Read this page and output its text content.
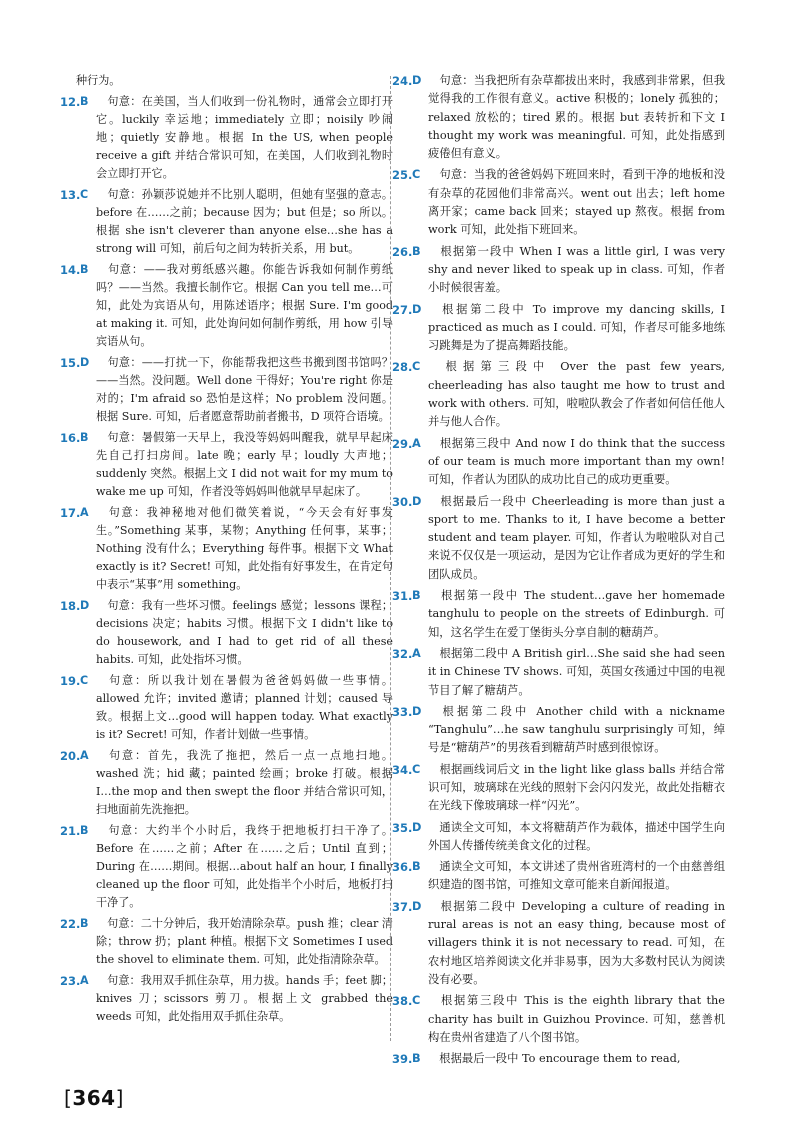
种行为。
12. B
  句意：在美国，当人们收到一份礼物时，通常会立即打开它。luckily 幸运地；immediately 立即；noisily 吵闹地；quietly 安静地。根据 In the US, when people receive a gift 并结合常识可知，在美国，人们收到礼物时会立即打开它。
13. C
  句意：孙颖莎说她并不比别人聪明，但她有坚强的意志。before 在……之前；because 因为；but 但是；so 所以。根据 she isn't cleverer than anyone else…she has a strong will 可知，前后句之间为转折关系，用 but。
14. B
  句意：——我对剪纸感兴趣。你能告诉我如何制作剪纸吗？——当然。我擅长制作它。根据 Can you tell me…可知，此处为宾语从句，用陈述语序；根据 Sure. I'm good at making it. 可知，此处询问如何制作剪纸，用 how 引导宾语从句。
15. D
  句意：——打扰一下，你能帮我把这些书搬到图书馆吗？——当然。没问题。Well done 干得好；You're right 你是对的；I'm afraid so 恐怕是这样；No problem 没问题。根据 Sure. 可知，后者愿意帮助前者搬书，D 项符合语境。
16. B
  句意：暑假第一天早上，我没等妈妈叫醒我，就早早起床先自己打扫房间。late 晚；early 早；loudly 大声地；suddenly 突然。根据上文 I did not wait for my mum to wake me up 可知，作者没等妈妈叫他就早早起床了。
17. A
  句意：我神秘地对他们微笑着说，“今天会有好事发生。”Something 某事，某物；Anything 任何事，某事；Nothing 没有什么；Everything 每件事。根据下文 What exactly is it? Secret! 可知，此处指有好事发生，在肯定句中表示“某事”用 something。
18. D
  句意：我有一些坏习惯。feelings 感觉；lessons 课程；decisions 决定；habits 习惯。根据下文 I didn't like to do housework, and I had to get rid of all these habits. 可知，此处指坏习惯。
19. C
  句意：所以我计划在暑假为爸爸妈妈做一些事情。allowed 允许；invited 邀请；planned 计划；caused 导致。根据上文…good will happen today. What exactly is it? Secret! 可知，作者计划做一些事情。
20. A
  句意：首先，我洗了拖把，然后一点一点地扫地。washed 洗；hid 藏；painted 绘画；broke 打破。根据 I…the mop and then swept the floor 并结合常识可知，扫地面前先洗拖把。
21. B
  句意：大约半个小时后，我终于把地板打扫干净了。Before 在……之前；After 在……之后；Until 直到；During 在……期间。根据…about half an hour, I finally cleaned up the floor 可知，此处指半个小时后，地板打扫干净了。
22. B
  句意：二十分钟后，我开始清除杂草。push 推；clear 清除；throw 扔；plant 种植。根据下文 Sometimes I used the shovel to eliminate them. 可知，此处指清除杂草。
23. A
  句意：我用双手抓住杂草，用力拔。hands 手；feet 脚；knives 刀；scissors 剪刀。根据上文 grabbed the weeds 可知，此处指用双手抓住杂草。
24. D
  句意：当我把所有杂草都拔出来时，我感到非常累，但我觉得我的工作很有意义。active 积极的；lonely 孤独的；relaxed 放松的；tired 累的。根据 but 表转折和下文 I thought my work was meaningful. 可知，此处指感到疲倦但有意义。
25. C
  句意：当我的爸爸妈妈下班回来时，看到干净的地板和没有杂草的花园他们非常高兴。went out 出去；left home 离开家；came back 回来；stayed up 熬夜。根据 from work 可知，此处指下班回来。
26. B
  根据第一段中 When I was a little girl, I was very shy and never liked to speak up in class. 可知，作者小时候很害羞。
27. D
  根据第二段中 To improve my dancing skills, I practiced as much as I could. 可知，作者尽可能多地练习跳舞是为了提高舞蹈技能。
28. C
  根据第三段中 Over the past few years, cheerleading has also taught me how to trust and work with others. 可知，啦啦队教会了作者如何信任他人并与他人合作。
29. A
  根据第三段中 And now I do think that the success of our team is much more important than my own! 可知，作者认为团队的成功比自己的成功更重要。
30. D
  根据最后一段中 Cheerleading is more than just a sport to me. Thanks to it, I have become a better student and team player. 可知，作者认为啦啦队对自己来说不仅仅是一项运动，是因为它让作者成为更好的学生和团队成员。
31. B
  根据第一段中 The student…gave her homemade tanghulu to people on the streets of Edinburgh. 可知，这名学生在爱丁堡街头分享自制的糖葫芦。
32. A
  根据第二段中 A British girl…She said she had seen it in Chinese TV shows. 可知，英国女孩通过中国的电视节目了解了糖葫芦。
33. D
  根据第二段中 Another child with a nickname “Tanghulu”…he saw tanghulu surprisingly 可知，绰号是“糖葫芦”的男孩看到糖葫芦时感到很惊讶。
34. C
  根据画线词后文 in the light like glass balls 并结合常识可知，玻璃球在光线的照射下会闪闪发光，故此处指糖衣在光线下像玻璃球一样“闪光”。
35. D
  通读全文可知，本文将糖葫芦作为载体，描述中国学生向外国人传播传统美食文化的过程。
36. B
  通读全文可知，本文讲述了贵州省班湾村的一个由慈善组织建造的图书馆，可推知文章可能来自新闻报道。
37. D
  根据第二段中 Developing a culture of reading in rural areas is not an easy thing, because most of villagers think it is not necessary to read. 可知，在农村地区培养阅读文化并非易事，因为大多数村民认为阅读没有必要。
38. C
  根据第三段中 This is the eighth library that the charity has built in Guizhou Province. 可知，慈善机构在贵州省建造了八个图书馆。
39. B
  根据最后一段中 To encourage them to read,
[364]
